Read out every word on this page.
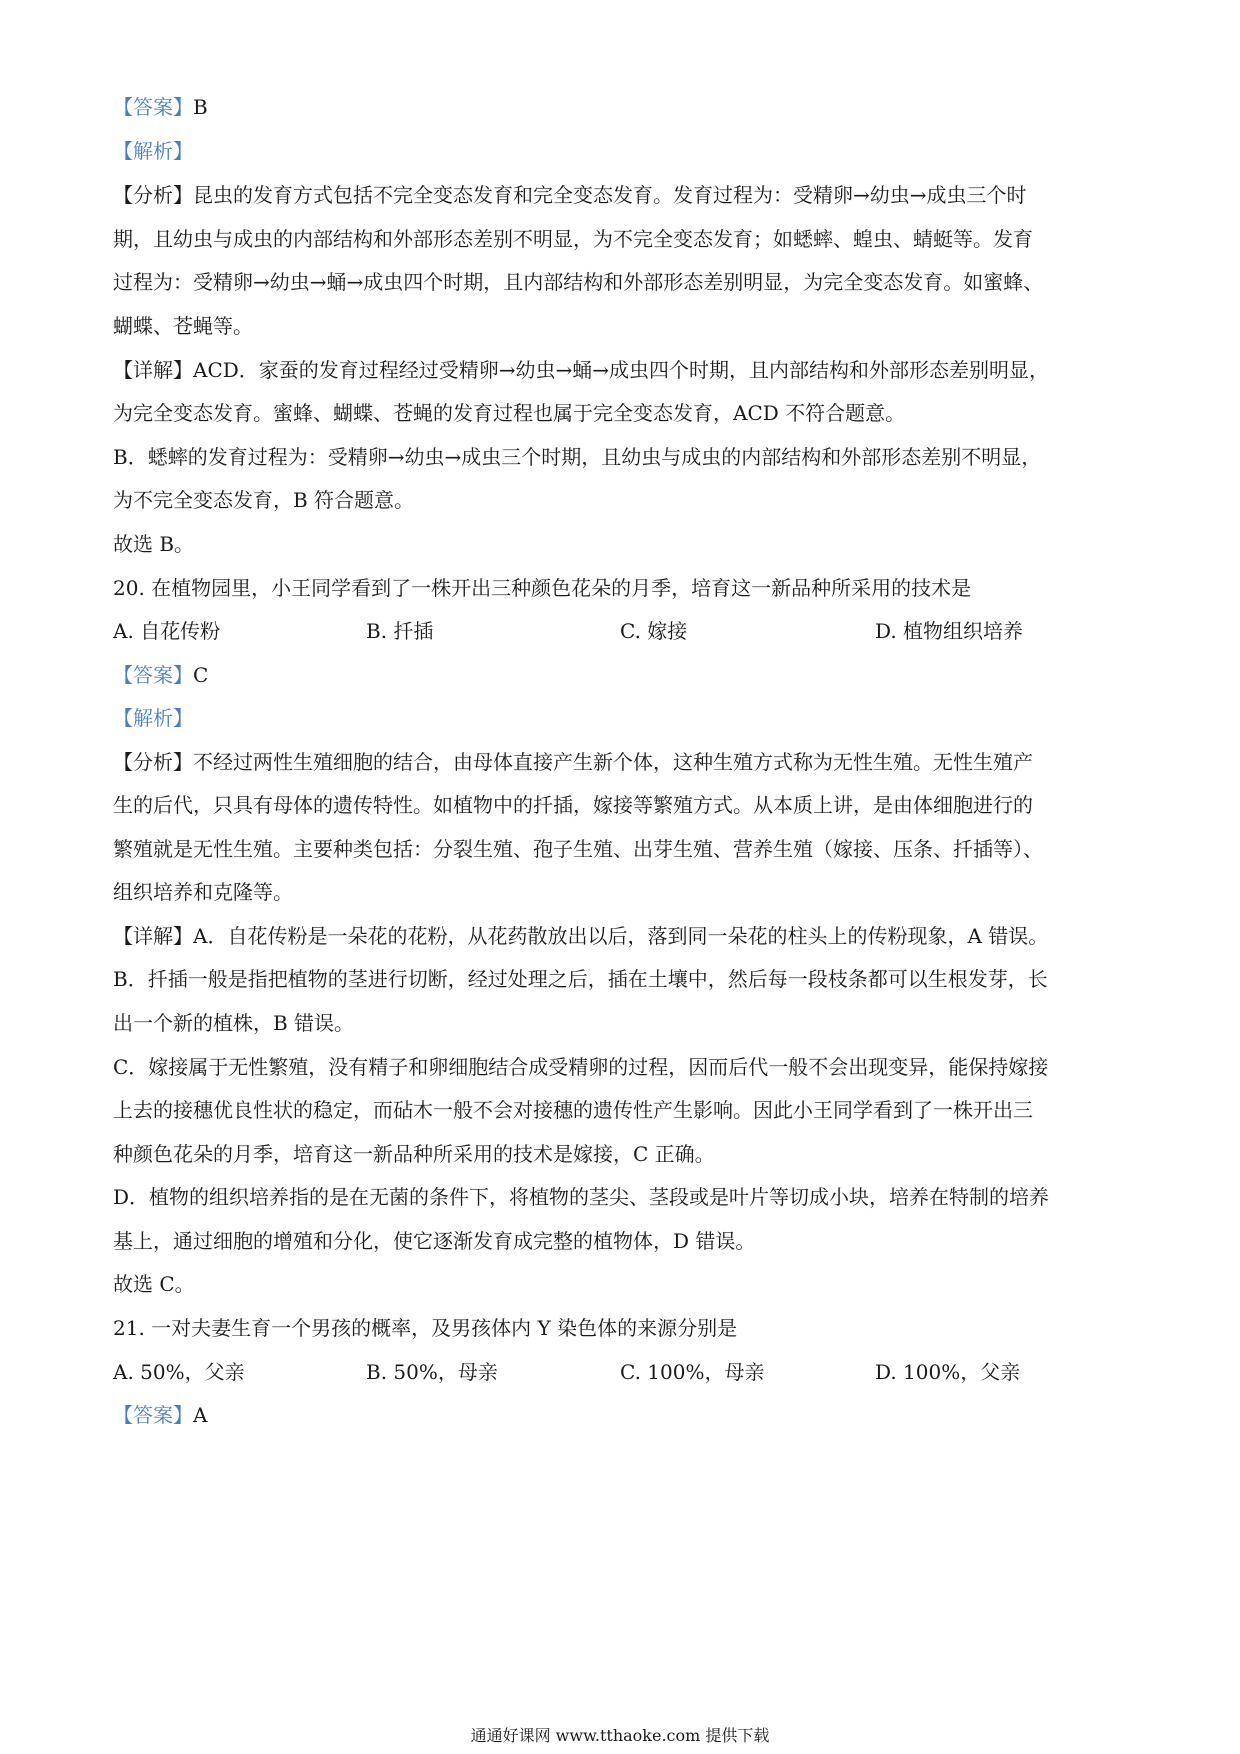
【答案】B
【解析】
【分析】昆虫的发育方式包括不完全变态发育和完全变态发育。发育过程为：受精卵→幼虫→成虫三个时
期，且幼虫与成虫的内部结构和外部形态差别不明显，为不完全变态发育；如蟋蟀、蝗虫、蜻蜓等。发育
过程为：受精卵→幼虫→蛹→成虫四个时期，且内部结构和外部形态差别明显，为完全变态发育。如蜜蜂、
蝴蝶、苍蝇等。
【详解】ACD．家蚕的发育过程经过受精卵→幼虫→蛹→成虫四个时期，且内部结构和外部形态差别明显，
为完全变态发育。蜜蜂、蝴蝶、苍蝇的发育过程也属于完全变态发育，ACD 不符合题意。
B．蟋蟀的发育过程为：受精卵→幼虫→成虫三个时期，且幼虫与成虫的内部结构和外部形态差别不明显，
为不完全变态发育，B 符合题意。
故选 B。
20. 在植物园里，小王同学看到了一株开出三种颜色花朵的月季，培育这一新品种所采用的技术是
A. 自花传粉	B. 扦插	C. 嫁接	D. 植物组织培养
【答案】C
【解析】
【分析】不经过两性生殖细胞的结合，由母体直接产生新个体，这种生殖方式称为无性生殖。无性生殖产
生的后代，只具有母体的遗传特性。如植物中的扦插，嫁接等繁殖方式。从本质上讲，是由体细胞进行的
繁殖就是无性生殖。主要种类包括：分裂生殖、孢子生殖、出芽生殖、营养生殖（嫁接、压条、扦插等）、
组织培养和克隆等。
【详解】A．自花传粉是一朵花的花粉，从花药散放出以后，落到同一朵花的柱头上的传粉现象，A 错误。
B．扦插一般是指把植物的茎进行切断，经过处理之后，插在土壤中，然后每一段枝条都可以生根发芽，长
出一个新的植株，B 错误。
C．嫁接属于无性繁殖，没有精子和卵细胞结合成受精卵的过程，因而后代一般不会出现变异，能保持嫁接
上去的接穗优良性状的稳定，而砧木一般不会对接穗的遗传性产生影响。因此小王同学看到了一株开出三
种颜色花朵的月季，培育这一新品种所采用的技术是嫁接，C 正确。
D．植物的组织培养指的是在无菌的条件下，将植物的茎尖、茎段或是叶片等切成小块，培养在特制的培养
基上，通过细胞的增殖和分化，使它逐渐发育成完整的植物体，D 错误。
故选 C。
21. 一对夫妻生育一个男孩的概率，及男孩体内 Y 染色体的来源分别是
A. 50%，父亲	B. 50%，母亲	C. 100%，母亲	D. 100%，父亲
【答案】A
通通好课网 www.tthaoke.com 提供下载
